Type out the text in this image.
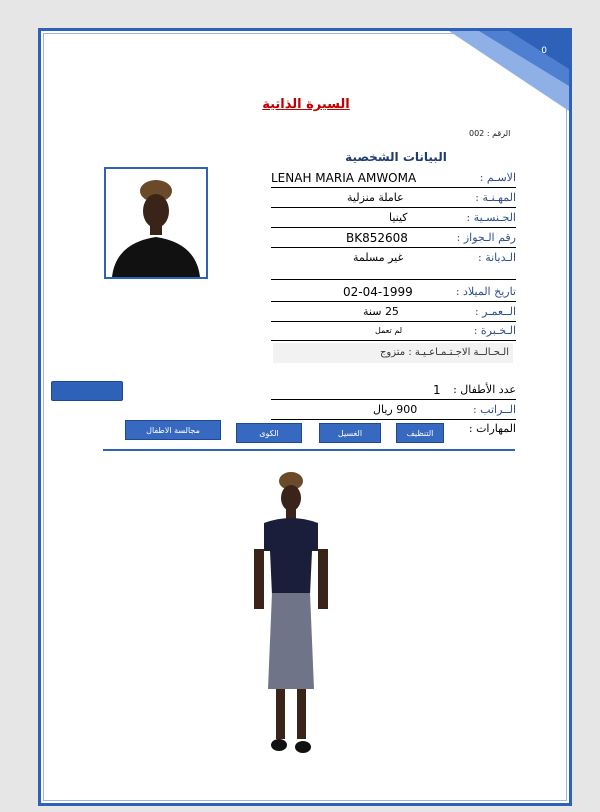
0
السيرة الذاتية
الرقم : 002
البيانات الشخصية
الاسـم :
LENAH MARIA AMWOMA
المهـنـة :
عاملة منزلية
الجـنسـية :
كينيا
رقم الـجواز :
BK852608
الـديانة :
غير مسلمة
تاريخ الميلاد :
02-04-1999
الــعمـر :
25 سنة
الـخـبرة :
لم تعمل
الـحـالــة الاجـتـمـاعـيـة : متزوج
عدد الأطفال :
1
الــراتب :
900 ريال
المهارات :
التنظيف
الغسيل
الكوى
مجالسة الاطفال
